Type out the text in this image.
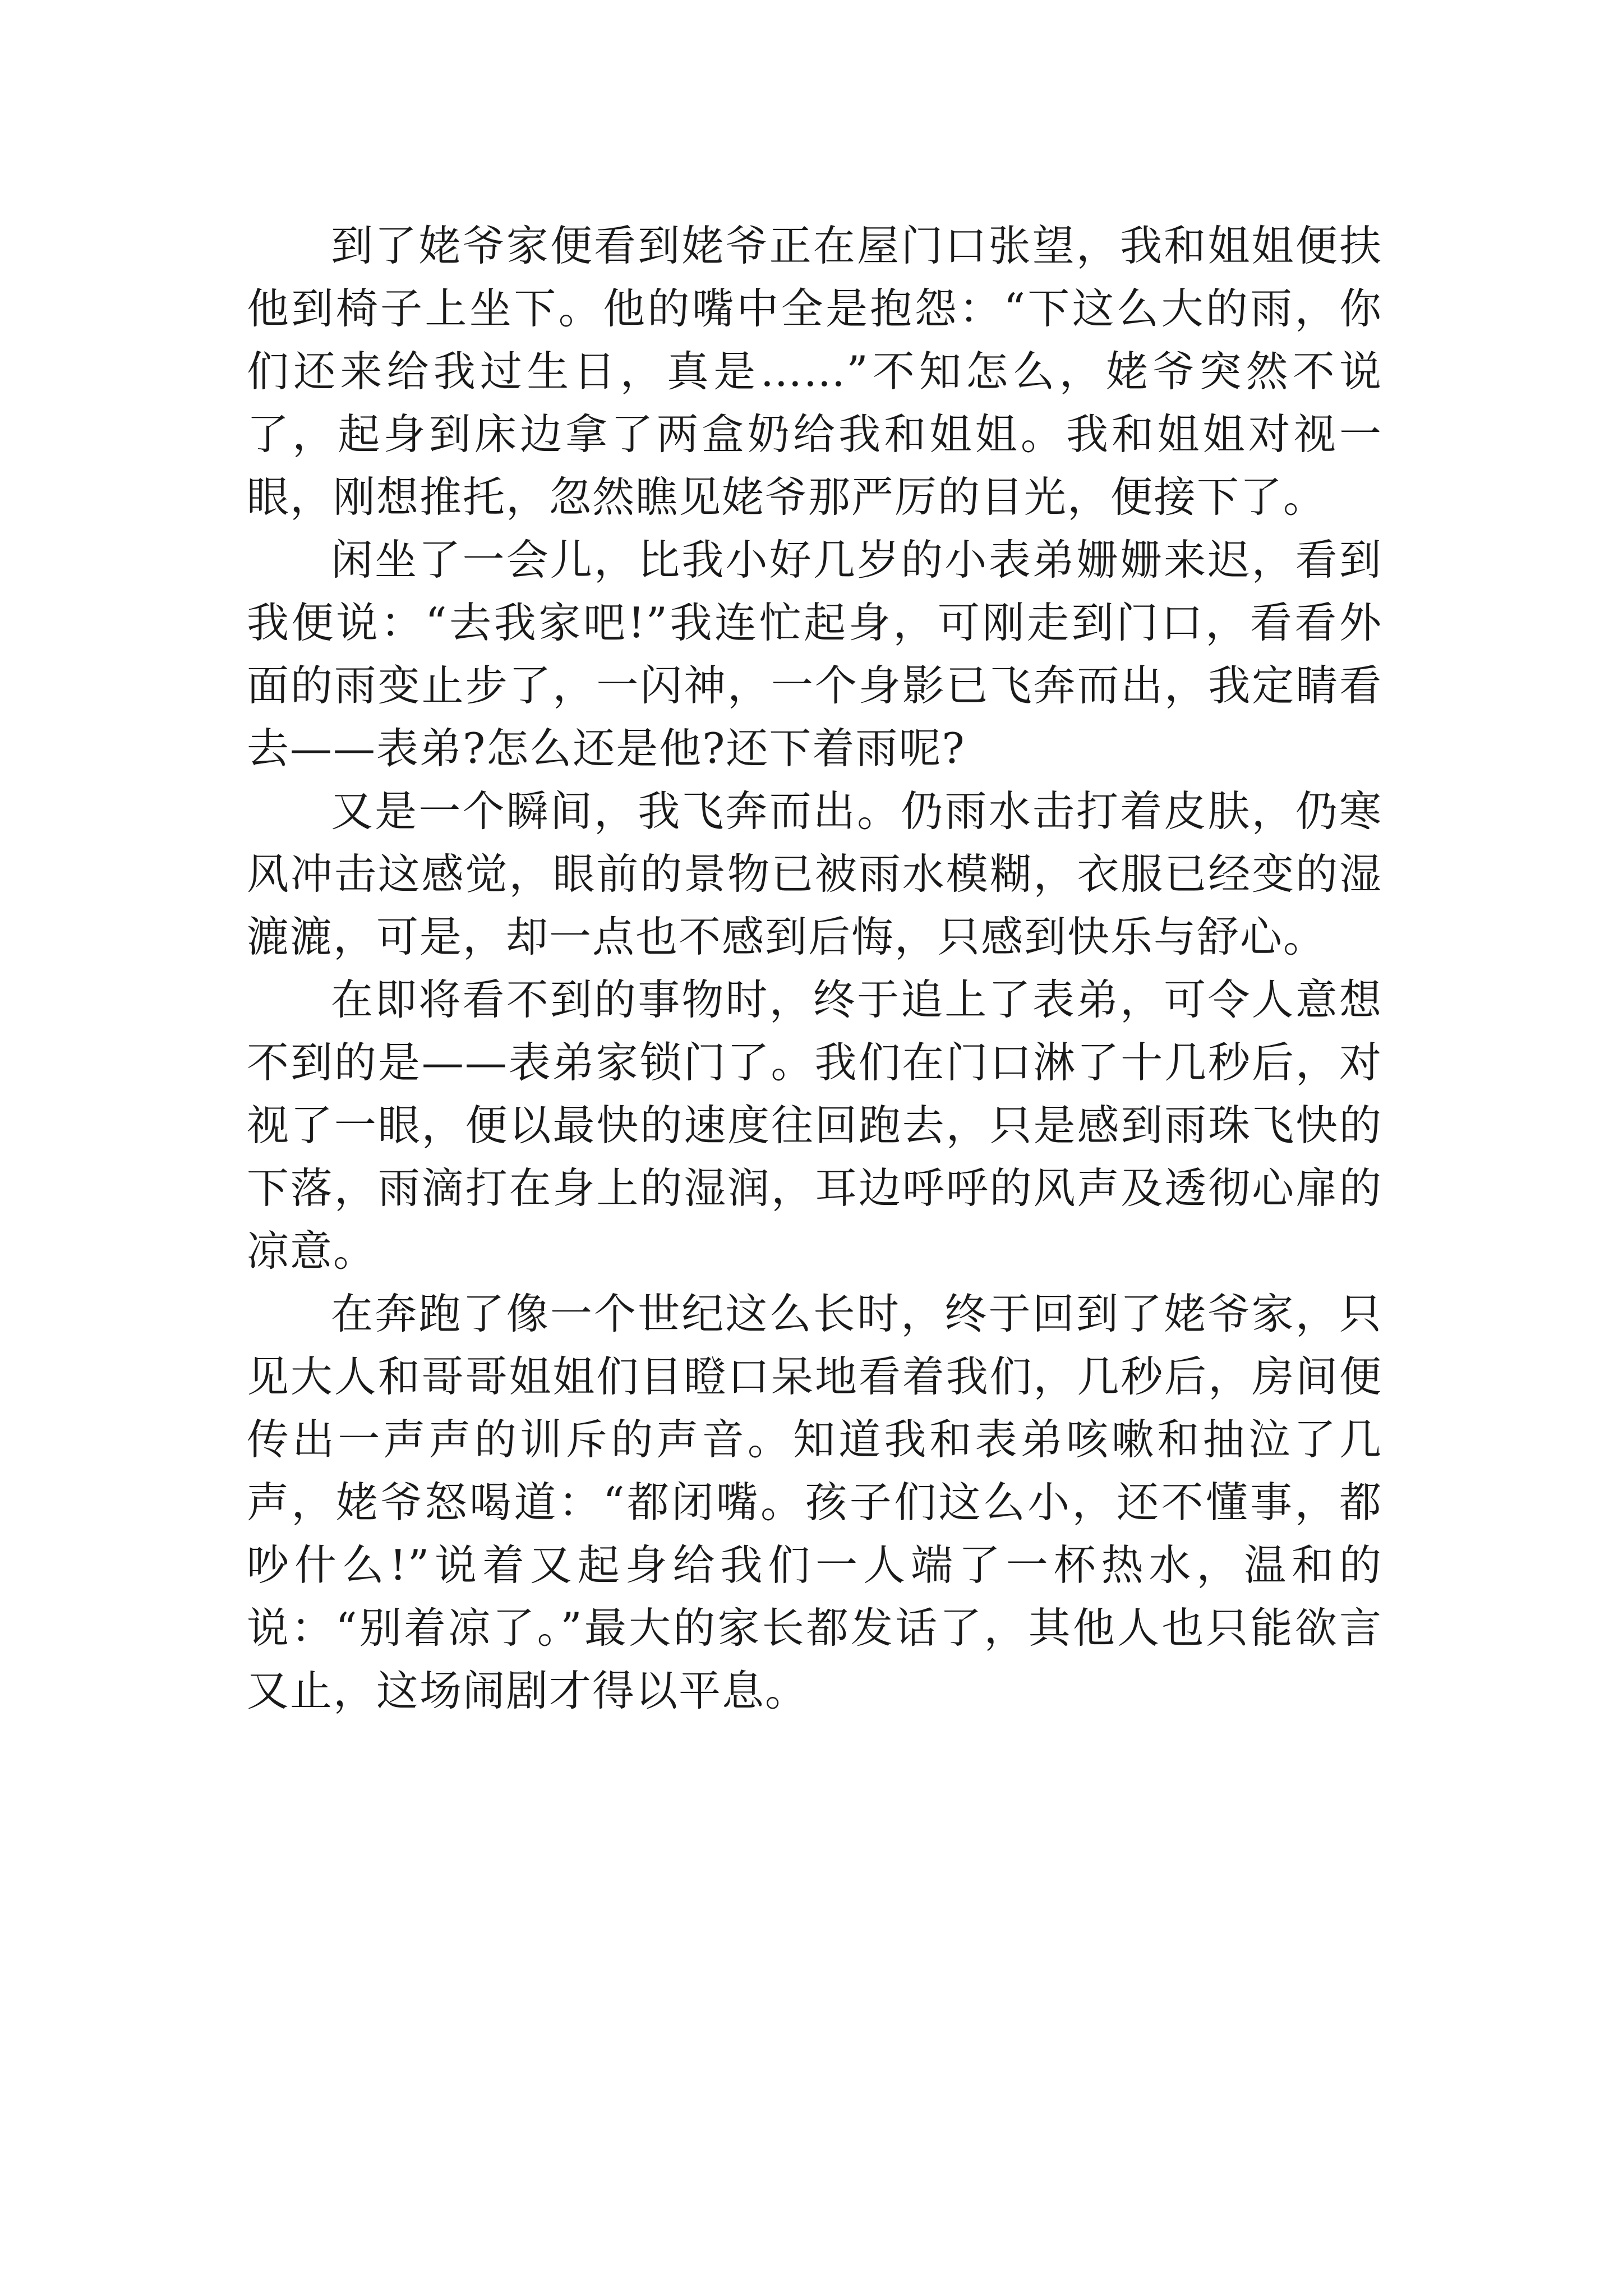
到了姥爷家便看到姥爷正在屋门口张望，我和姐姐便扶他到椅子上坐下。他的嘴中全是抱怨：“下这么大的雨，你们还来给我过生日，真是……”不知怎么，姥爷突然不说了，起身到床边拿了两盒奶给我和姐姐。我和姐姐对视一眼，刚想推托，忽然瞧见姥爷那严厉的目光，便接下了。

闲坐了一会儿，比我小好几岁的小表弟姗姗来迟，看到我便说：“去我家吧!”我连忙起身，可刚走到门口，看看外面的雨变止步了，一闪神，一个身影已飞奔而出，我定睛看去——表弟?怎么还是他?还下着雨呢?

又是一个瞬间，我飞奔而出。仍雨水击打着皮肤，仍寒风冲击这感觉，眼前的景物已被雨水模糊，衣服已经变的湿漉漉，可是，却一点也不感到后悔，只感到快乐与舒心。

在即将看不到的事物时，终于追上了表弟，可令人意想不到的是——表弟家锁门了。我们在门口淋了十几秒后，对视了一眼，便以最快的速度往回跑去，只是感到雨珠飞快的下落，雨滴打在身上的湿润，耳边呼呼的风声及透彻心扉的凉意。

在奔跑了像一个世纪这么长时，终于回到了姥爷家，只见大人和哥哥姐姐们目瞪口呆地看着我们，几秒后，房间便传出一声声的训斥的声音。知道我和表弟咳嗽和抽泣了几声，姥爷怒喝道：“都闭嘴。孩子们这么小，还不懂事，都吵什么!”说着又起身给我们一人端了一杯热水，温和的说：“别着凉了。”最大的家长都发话了，其他人也只能欲言又止，这场闹剧才得以平息。
